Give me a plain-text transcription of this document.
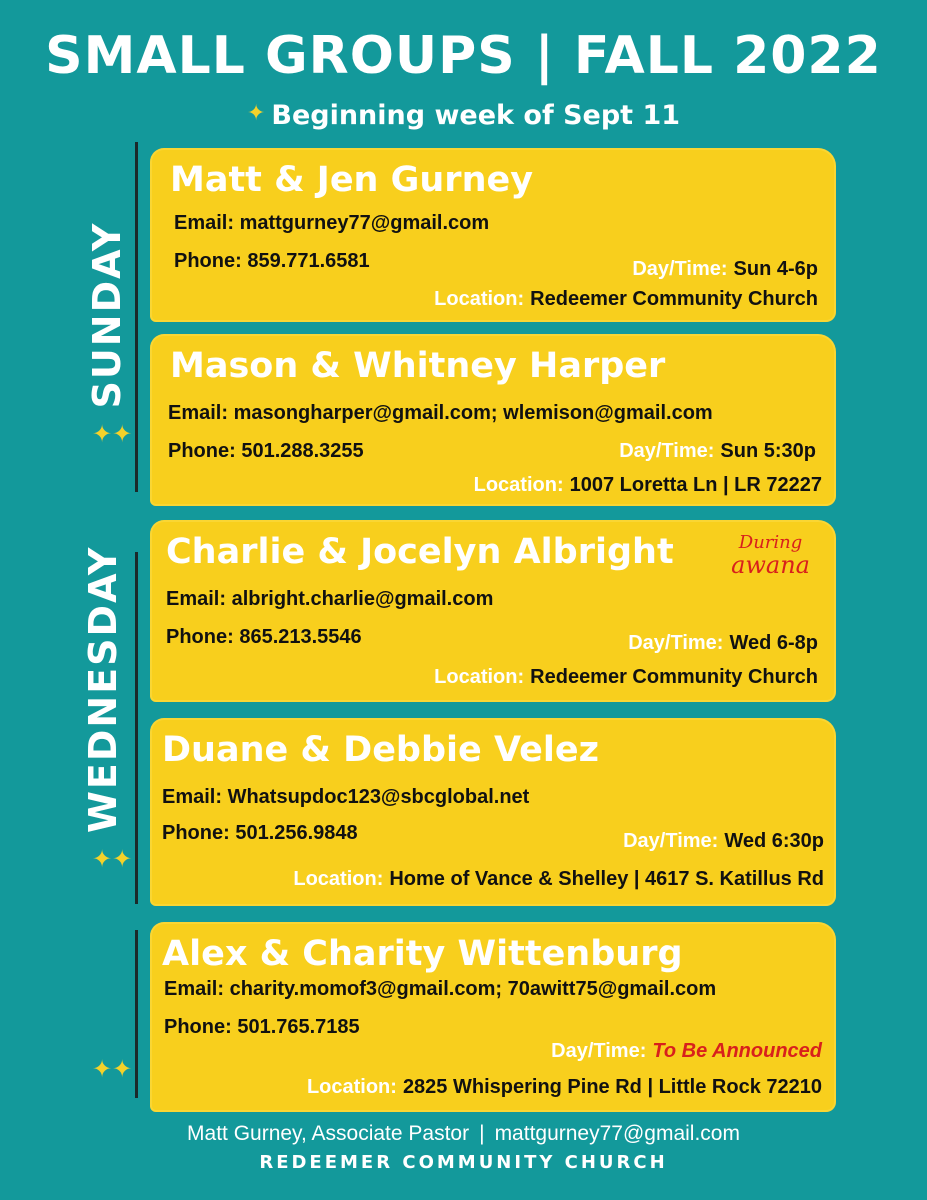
SMALL GROUPS | FALL 2022
✦ Beginning week of Sept 11
SUNDAY
✦✦
WEDNESDAY
✦✦
✦✦
Matt & Jen Gurney
Email: mattgurney77@gmail.com
Phone: 859.771.6581	Day/Time: Sun 4-6p
Location: Redeemer Community Church
Mason & Whitney Harper
Email: masongharper@gmail.com; wlemison@gmail.com
Phone: 501.288.3255	Day/Time: Sun 5:30p
Location: 1007 Loretta Ln | LR 72227
Charlie & Jocelyn Albright	During
awana
Email: albright.charlie@gmail.com
Phone: 865.213.5546	Day/Time: Wed 6-8p
Location: Redeemer Community Church
Duane & Debbie Velez
Email: Whatsupdoc123@sbcglobal.net
Phone: 501.256.9848	Day/Time: Wed 6:30p
Location: Home of Vance & Shelley | 4617 S. Katillus Rd
Alex & Charity Wittenburg
Email: charity.momof3@gmail.com; 70awitt75@gmail.com
Phone: 501.765.7185
Day/Time: To Be Announced
Location: 2825 Whispering Pine Rd | Little Rock 72210
Matt Gurney, Associate Pastor | mattgurney77@gmail.com
REDEEMER COMMUNITY CHURCH
